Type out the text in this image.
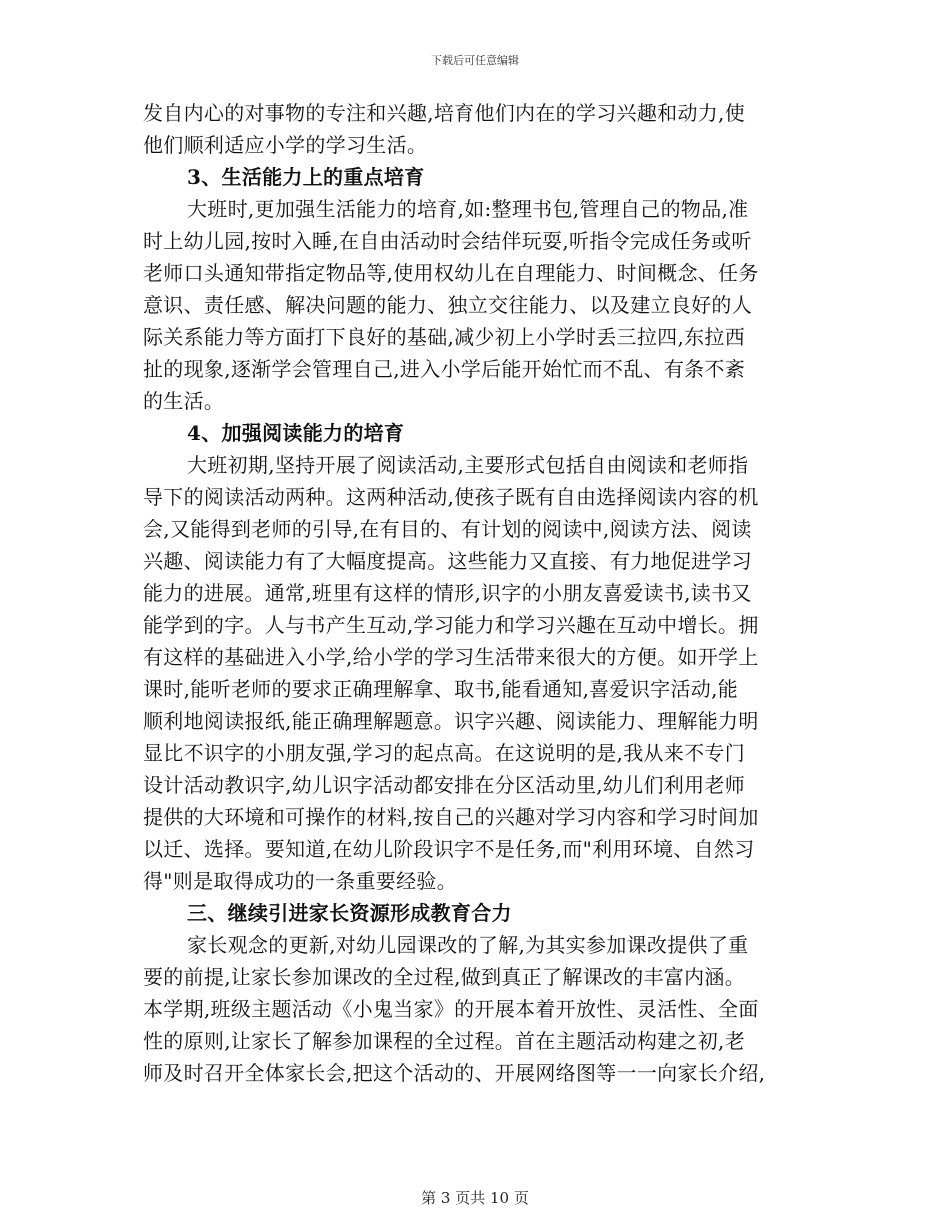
下载后可任意编辑
发自内心的对事物的专注和兴趣,培育他们内在的学习兴趣和动力,使
他们顺利适应小学的学习生活。
3、生活能力上的重点培育
大班时,更加强生活能力的培育,如:整理书包,管理自己的物品,准
时上幼儿园,按时入睡,在自由活动时会结伴玩耍,听指令完成任务或听
老师口头通知带指定物品等,使用权幼儿在自理能力、时间概念、任务
意识、责任感、解决问题的能力、独立交往能力、以及建立良好的人
际关系能力等方面打下良好的基础,减少初上小学时丢三拉四,东拉西
扯的现象,逐渐学会管理自己,进入小学后能开始忙而不乱、有条不紊
的生活。
4、加强阅读能力的培育
大班初期,坚持开展了阅读活动,主要形式包括自由阅读和老师指
导下的阅读活动两种。这两种活动,使孩子既有自由选择阅读内容的机
会,又能得到老师的引导,在有目的、有计划的阅读中,阅读方法、阅读
兴趣、阅读能力有了大幅度提高。这些能力又直接、有力地促进学习
能力的进展。通常,班里有这样的情形,识字的小朋友喜爱读书,读书又
能学到的字。人与书产生互动,学习能力和学习兴趣在互动中增长。拥
有这样的基础进入小学,给小学的学习生活带来很大的方便。如开学上
课时,能听老师的要求正确理解拿、取书,能看通知,喜爱识字活动,能
顺利地阅读报纸,能正确理解题意。识字兴趣、阅读能力、理解能力明
显比不识字的小朋友强,学习的起点高。在这说明的是,我从来不专门
设计活动教识字,幼儿识字活动都安排在分区活动里,幼儿们利用老师
提供的大环境和可操作的材料,按自己的兴趣对学习内容和学习时间加
以迁、选择。要知道,在幼儿阶段识字不是任务,而"利用环境、自然习
得"则是取得成功的一条重要经验。
三、继续引进家长资源形成教育合力
家长观念的更新,对幼儿园课改的了解,为其实参加课改提供了重
要的前提,让家长参加课改的全过程,做到真正了解课改的丰富内涵。
本学期,班级主题活动《小鬼当家》的开展本着开放性、灵活性、全面
性的原则,让家长了解参加课程的全过程。首在主题活动构建之初,老
师及时召开全体家长会,把这个活动的、开展网络图等一一向家长介绍,
第 3 页共 10 页
